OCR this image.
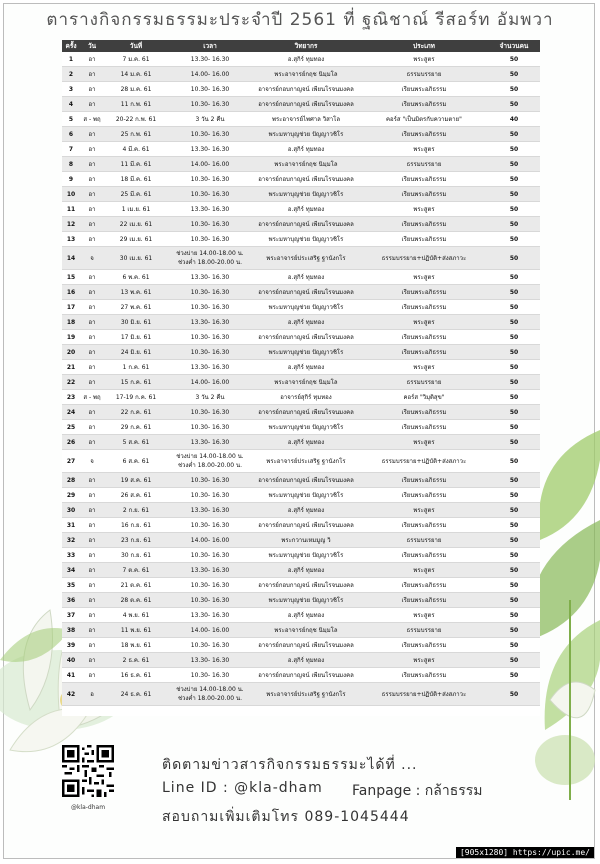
ตารางกิจกรรมธรรมะประจำปี 2561 ที่ ฐณิชาณ์ รีสอร์ท อัมพวา
ครั้ง	วัน	วันที่	เวลา	วิทยากร	ประเภท	จำนวนคน
1	อา	7 ม.ค. 61	13.30- 16.30	อ.สุกิร์ ทุมทอง	พระสูตร	50
2	อา	14 ม.ค. 61	14.00- 16.00	พระอาจารย์กฤช นิมฺมโล	ธรรมบรรยาย	50
3	อา	28 ม.ค. 61	10.30- 16.30	อาจารย์กอบกาญจน์ เพียนโรจนมงคล	เรียนพระอภิธรรม	50
4	อา	11 ก.พ. 61	10.30- 16.30	อาจารย์กอบกาญจน์ เพียนโรจนมงคล	เรียนพระอภิธรรม	50
5	ส - พฤ	20-22 ก.พ. 61	3 วัน 2 คืน	พระอาจารย์ไพศาล วิสาโล	คอร์ส "เป็นมิตรกับความตาย"	40
6	อา	25 ก.พ. 61	10.30- 16.30	พระมหาบุญช่วย ปัญญาวชิโร	เรียนพระอภิธรรม	50
7	อา	4 มี.ค. 61	13.30- 16.30	อ.สุกิร์ ทุมทอง	พระสูตร	50
8	อา	11 มี.ค. 61	14.00- 16.00	พระอาจารย์กฤช นิมฺมโล	ธรรมบรรยาย	50
9	อา	18 มี.ค. 61	10.30- 16.30	อาจารย์กอบกาญจน์ เพียนโรจนมงคล	เรียนพระอภิธรรม	50
10	อา	25 มี.ค. 61	10.30- 16.30	พระมหาบุญช่วย ปัญญาวชิโร	เรียนพระอภิธรรม	50
11	อา	1 เม.ย. 61	13.30- 16.30	อ.สุกิร์ ทุมทอง	พระสูตร	50
12	อา	22 เม.ย. 61	10.30- 16.30	อาจารย์กอบกาญจน์ เพียนโรจนมงคล	เรียนพระอภิธรรม	50
13	อา	29 เม.ย. 61	10.30- 16.30	พระมหาบุญช่วย ปัญญาวชิโร	เรียนพระอภิธรรม	50
14	จ	30 เม.ย. 61	ช่วงบ่าย 14.00-18.00 น.
ช่วงค่ำ 18.00-20.00 น.	พระอาจารย์ประเสริฐ ฐานังกโร	ธรรมบรรยาย+ปฏิบัติ+ส่งสภาวะ	50
15	อา	6 พ.ค. 61	13.30- 16.30	อ.สุกิร์ ทุมทอง	พระสูตร	50
16	อา	13 พ.ค. 61	10.30- 16.30	อาจารย์กอบกาญจน์ เพียนโรจนมงคล	เรียนพระอภิธรรม	50
17	อา	27 พ.ค. 61	10.30- 16.30	พระมหาบุญช่วย ปัญญาวชิโร	เรียนพระอภิธรรม	50
18	อา	30 มิ.ย. 61	13.30- 16.30	อ.สุกิร์ ทุมทอง	พระสูตร	50
19	อา	17 มิ.ย. 61	10.30- 16.30	อาจารย์กอบกาญจน์ เพียนโรจนมงคล	เรียนพระอภิธรรม	50
20	อา	24 มิ.ย. 61	10.30- 16.30	พระมหาบุญช่วย ปัญญาวชิโร	เรียนพระอภิธรรม	50
21	อา	1 ก.ค. 61	13.30- 16.30	อ.สุกิร์ ทุมทอง	พระสูตร	50
22	อา	15 ก.ค. 61	14.00- 16.00	พระอาจารย์กฤช นิมฺมโล	ธรรมบรรยาย	50
23	ส - พฤ	17-19 ก.ค. 61	3 วัน 2 คืน	อาจารย์สุกิร์ ทุมทอง	คอร์ส "วิมุติสุข"	50
24	อา	22 ก.ค. 61	10.30- 16.30	อาจารย์กอบกาญจน์ เพียนโรจนมงคล	เรียนพระอภิธรรม	50
25	อา	29 ก.ค. 61	10.30- 16.30	พระมหาบุญช่วย ปัญญาวชิโร	เรียนพระอภิธรรม	50
26	อา	5 ส.ค. 61	13.30- 16.30	อ.สุกิร์ ทุมทอง	พระสูตร	50
27	จ	6 ส.ค. 61	ช่วงบ่าย 14.00-18.00 น.
ช่วงค่ำ 18.00-20.00 น.	พระอาจารย์ประเสริฐ ฐานังกโร	ธรรมบรรยาย+ปฏิบัติ+ส่งสภาวะ	50
28	อา	19 ส.ค. 61	10.30- 16.30	อาจารย์กอบกาญจน์ เพียนโรจนมงคล	เรียนพระอภิธรรม	50
29	อา	26 ส.ค. 61	10.30- 16.30	พระมหาบุญช่วย ปัญญาวชิโร	เรียนพระอภิธรรม	50
30	อา	2 ก.ย. 61	13.30- 16.30	อ.สุกิร์ ทุมทอง	พระสูตร	50
31	อา	16 ก.ย. 61	10.30- 16.30	อาจารย์กอบกาญจน์ เพียนโรจนมงคล	เรียนพระอภิธรรม	50
32	อา	23 ก.ย. 61	14.00- 16.00	พระกวานเหมมูญ วิ	ธรรมบรรยาย	50
33	อา	30 ก.ย. 61	10.30- 16.30	พระมหาบุญช่วย ปัญญาวชิโร	เรียนพระอภิธรรม	50
34	อา	7 ต.ค. 61	13.30- 16.30	อ.สุกิร์ ทุมทอง	พระสูตร	50
35	อา	21 ต.ค. 61	10.30- 16.30	อาจารย์กอบกาญจน์ เพียนโรจนมงคล	เรียนพระอภิธรรม	50
36	อา	28 ต.ค. 61	10.30- 16.30	พระมหาบุญช่วย ปัญญาวชิโร	เรียนพระอภิธรรม	50
37	อา	4 พ.ย. 61	13.30- 16.30	อ.สุกิร์ ทุมทอง	พระสูตร	50
38	อา	11 พ.ย. 61	14.00- 16.00	พระอาจารย์กฤช นิมฺมโล	ธรรมบรรยาย	50
39	อา	18 พ.ย. 61	10.30- 16.30	อาจารย์กอบกาญจน์ เพียนโรจนมงคล	เรียนพระอภิธรรม	50
40	อา	2 ธ.ค. 61	13.30- 16.30	อ.สุกิร์ ทุมทอง	พระสูตร	50
41	อา	16 ธ.ค. 61	10.30- 16.30	อาจารย์กอบกาญจน์ เพียนโรจนมงคล	เรียนพระอภิธรรม	50
42	อ	24 ธ.ค. 61	ช่วงบ่าย 14.00-18.00 น.
ช่วงค่ำ 18.00-20.00 น.	พระอาจารย์ประเสริฐ ฐานังกโร	ธรรมบรรยาย+ปฏิบัติ+ส่งสภาวะ	50
@kla-dham
ติดตามข่าวสารกิจกรรมธรรมะได้ที่ ...
Line ID : @kla-dham Fanpage : กล้าธรรม
สอบถามเพิ่มเติมโทร 089-1045444
[905x1280] https://upic.me/
